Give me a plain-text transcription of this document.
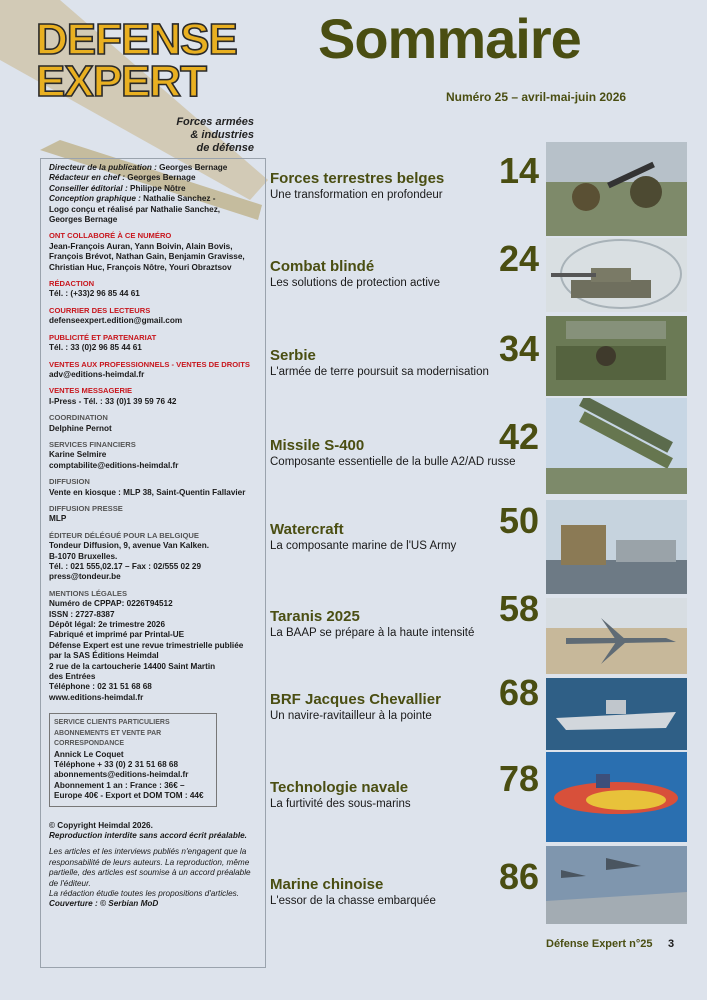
DEFENSE
EXPERT
Forces armées
& industries
de défense
Sommaire
Numéro 25 – avril-mai-juin 2026
Directeur de la publication : Georges Bernage
Rédacteur en chef : Georges Bernage
Conseiller éditorial : Philippe Nôtre
Conception graphique : Nathalie Sanchez -
Logo conçu et réalisé par Nathalie Sanchez,
Georges Bernage
ONT COLLABORÉ À CE NUMÉRO
Jean-François Auran, Yann Boivin, Alain Bovis, François Brévot, Nathan Gain, Benjamin Gravisse, Christian Huc, François Nôtre, Youri Obraztsov
RÉDACTION
Tél. : (+33)2 96 85 44 61
COURRIER DES LECTEURS
defenseexpert.edition@gmail.com
PUBLICITÉ ET PARTENARIAT
Tél. : 33 (0)2 96 85 44 61
VENTES AUX PROFESSIONNELS - VENTES DE DROITS
adv@editions-heimdal.fr
VENTES MESSAGERIE
I-Press - Tél. : 33 (0)1 39 59 76 42
COORDINATION
Delphine Pernot
SERVICES FINANCIERS
Karine Selmire
comptabilite@editions-heimdal.fr
DIFFUSION
Vente en kiosque : MLP 38, Saint-Quentin Fallavier
DIFFUSION PRESSE
MLP
ÉDITEUR DÉLÉGUÉ POUR LA BELGIQUE
Tondeur Diffusion, 9, avenue Van Kalken.
B-1070 Bruxelles.
Tél. : 021 555,02.17 – Fax : 02/555 02 29
press@tondeur.be
MENTIONS LÉGALES
Numéro de CPPAP: 0226T94512
ISSN : 2727-8387
Dépôt légal: 2e trimestre 2026
Fabriqué et imprimé par Printal-UE
Défense Expert est une revue trimestrielle publiée
par la SAS Éditions Heimdal
2 rue de la cartoucherie 14400 Saint Martin
des Entrées
Téléphone : 02 31 51 68 68
www.editions-heimdal.fr
SERVICE CLIENTS PARTICULIERS
ABONNEMENTS ET VENTE PAR CORRESPONDANCE
Annick Le Coquet
Téléphone + 33 (0) 2 31 51 68 68
abonnements@editions-heimdal.fr
Abonnement 1 an : France : 36€ –
Europe 40€ - Export et DOM TOM : 44€
© Copyright Heimdal 2026.
Reproduction interdite sans accord écrit préalable.
Les articles et les interviews publiés n'engagent que la responsabilité de leurs auteurs. La reproduction, même partielle, des articles est soumise à un accord préalable de l'éditeur.
La rédaction étudie toutes les propositions d'articles.
Couverture : © Serbian MoD
Forces terrestres belges
Une transformation en profondeur
14
Combat blindé
Les solutions de protection active
24
Serbie
L'armée de terre poursuit sa modernisation
34
Missile S-400
Composante essentielle de la bulle A2/AD russe
42
Watercraft
La composante marine de l'US Army
50
Taranis 2025
La BAAP se prépare à la haute intensité
58
BRF Jacques Chevallier
Un navire-ravitailleur à la pointe
68
Technologie navale
La furtivité des sous-marins
78
Marine chinoise
L'essor de la chasse embarquée
86
Défense Expert n°25 3
